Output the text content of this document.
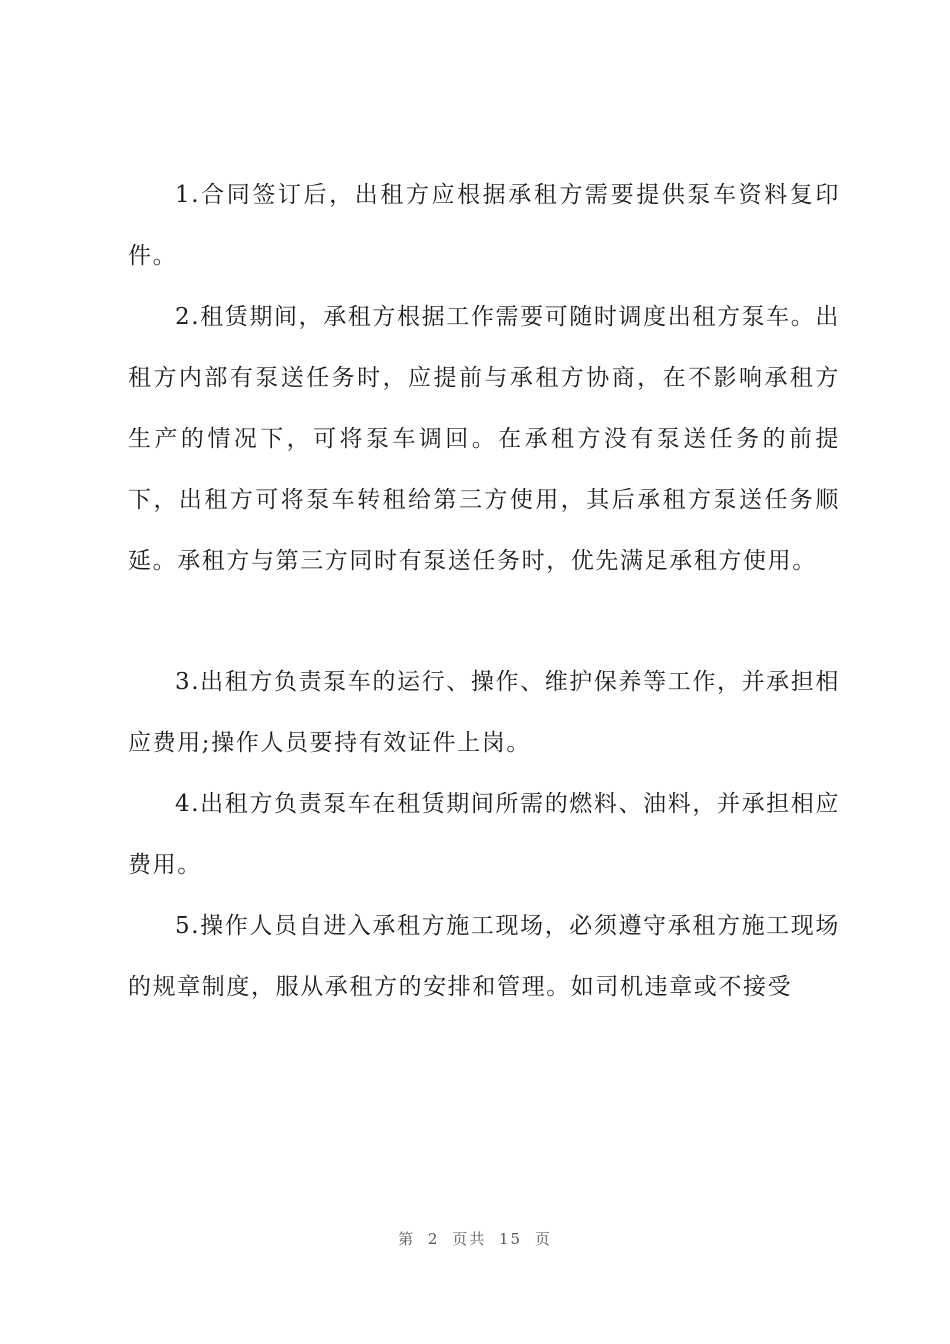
1.合同签订后，出租方应根据承租方需要提供泵车资料复印件。

2.租赁期间，承租方根据工作需要可随时调度出租方泵车。出租方内部有泵送任务时，应提前与承租方协商，在不影响承租方生产的情况下，可将泵车调回。在承租方没有泵送任务的前提下，出租方可将泵车转租给第三方使用，其后承租方泵送任务顺延。承租方与第三方同时有泵送任务时，优先满足承租方使用。

3.出租方负责泵车的运行、操作、维护保养等工作，并承担相应费用;操作人员要持有效证件上岗。

4.出租方负责泵车在租赁期间所需的燃料、油料，并承担相应费用。

5.操作人员自进入承租方施工现场，必须遵守承租方施工现场的规章制度，服从承租方的安排和管理。如司机违章或不接受

第 2 页共 15 页
